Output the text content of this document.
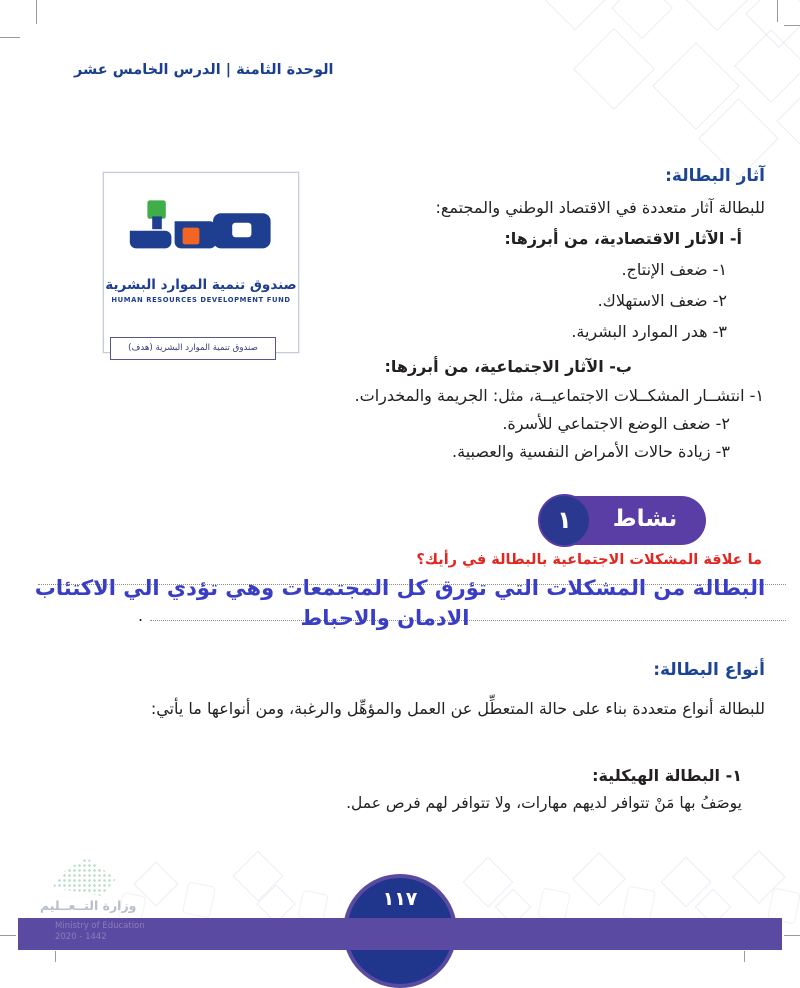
الوحدة الثامنة | الدرس الخامس عشر
صندوق تنمية الموارد البشرية
HUMAN RESOURCES DEVELOPMENT FUND
صندوق تنمية الموارد البشرية (هدف)
آثار البطالة:
للبطالة آثار متعددة في الاقتصاد الوطني والمجتمع:
أ- الآثار الاقتصادية، من أبرزها:
١- ضعف الإنتاج.
٢- ضعف الاستهلاك.
٣- هدر الموارد البشرية.
ب- الآثار الاجتماعية، من أبرزها:
١- انتشــار المشكــلات الاجتماعيــة، مثل: الجريمة والمخدرات.
٢- ضعف الوضع الاجتماعي للأسرة.
٣- زيادة حالات الأمراض النفسية والعصبية.
١	نشاط
ما علاقة المشكلات الاجتماعية بالبطالة في رأيك؟
البطالة من المشكلات التي تؤرق كل المجتمعات وهي تؤدي الي الاكتئاب
الادمان والاحباط
.
أنواع البطالة:
للبطالة أنواع متعددة بناء على حالة المتعطِّل عن العمل والمؤهِّل والرغبة، ومن أنواعها ما يأتي:
١- البطالة الهيكلية:
يوصَفُ بها مَنْ تتوافر لديهم مهارات، ولا تتوافر لهم فرص عمل.
وزارة التــعــليم
Ministry of Education
2020 - 1442
١١٧
